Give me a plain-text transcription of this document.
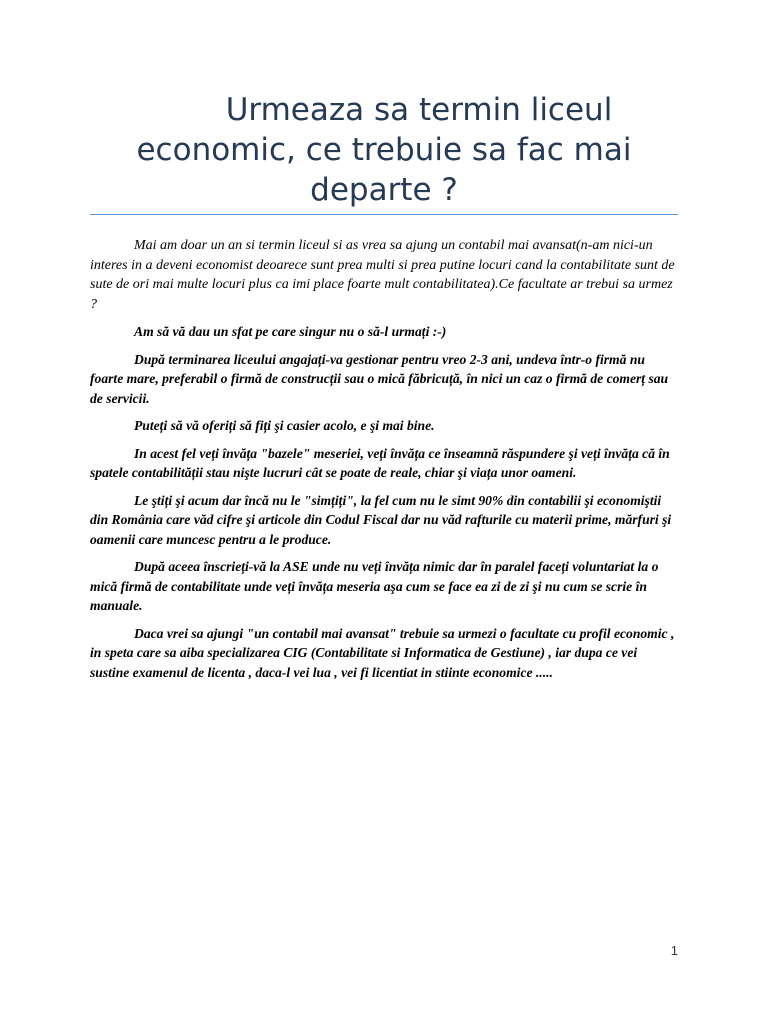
Urmeaza sa termin liceul economic, ce trebuie sa fac mai departe ?

Mai am doar un an si termin liceul si as vrea sa ajung un contabil mai avansat(n-am nici-un interes in a deveni economist deoarece sunt prea multi si prea putine locuri cand la contabilitate sunt de sute de ori mai multe locuri plus ca imi place foarte mult contabilitatea).Ce facultate ar trebui sa urmez ?

Am să vă dau un sfat pe care singur nu o să-l urmați :-)

După terminarea liceului angajați-va gestionar pentru vreo 2-3 ani, undeva într-o firmă nu foarte mare, preferabil o firmă de construcții sau o mică făbricuță, în nici un caz o firmă de comerț sau de servicii.

Puteți să vă oferiți să fiți şi casier acolo, e şi mai bine.

In acest fel veți învăța "bazele" meseriei, veți învăța ce înseamnă răspundere şi veți învăța că în spatele contabilității stau nişte lucruri cât se poate de reale, chiar şi viața unor oameni.

Le ştiți şi acum dar încă nu le "simțiți", la fel cum nu le simt 90% din contabilii şi economiştii din România care văd cifre şi articole din Codul Fiscal dar nu văd rafturile cu materii prime, mărfuri şi oamenii care muncesc pentru a le produce.

După aceea înscrieți-vă la ASE unde nu veți învăța nimic dar în paralel faceți voluntariat la o mică firmă de contabilitate unde veți învăța meseria aşa cum se face ea zi de zi şi nu cum se scrie în manuale.

Daca vrei sa ajungi "un contabil mai avansat" trebuie sa urmezi o facultate cu profil economic , in speta care sa aiba specializarea CIG (Contabilitate si Informatica de Gestiune) , iar dupa ce vei sustine examenul de licenta , daca-l vei lua , vei fi licentiat in stiinte economice .....

1
